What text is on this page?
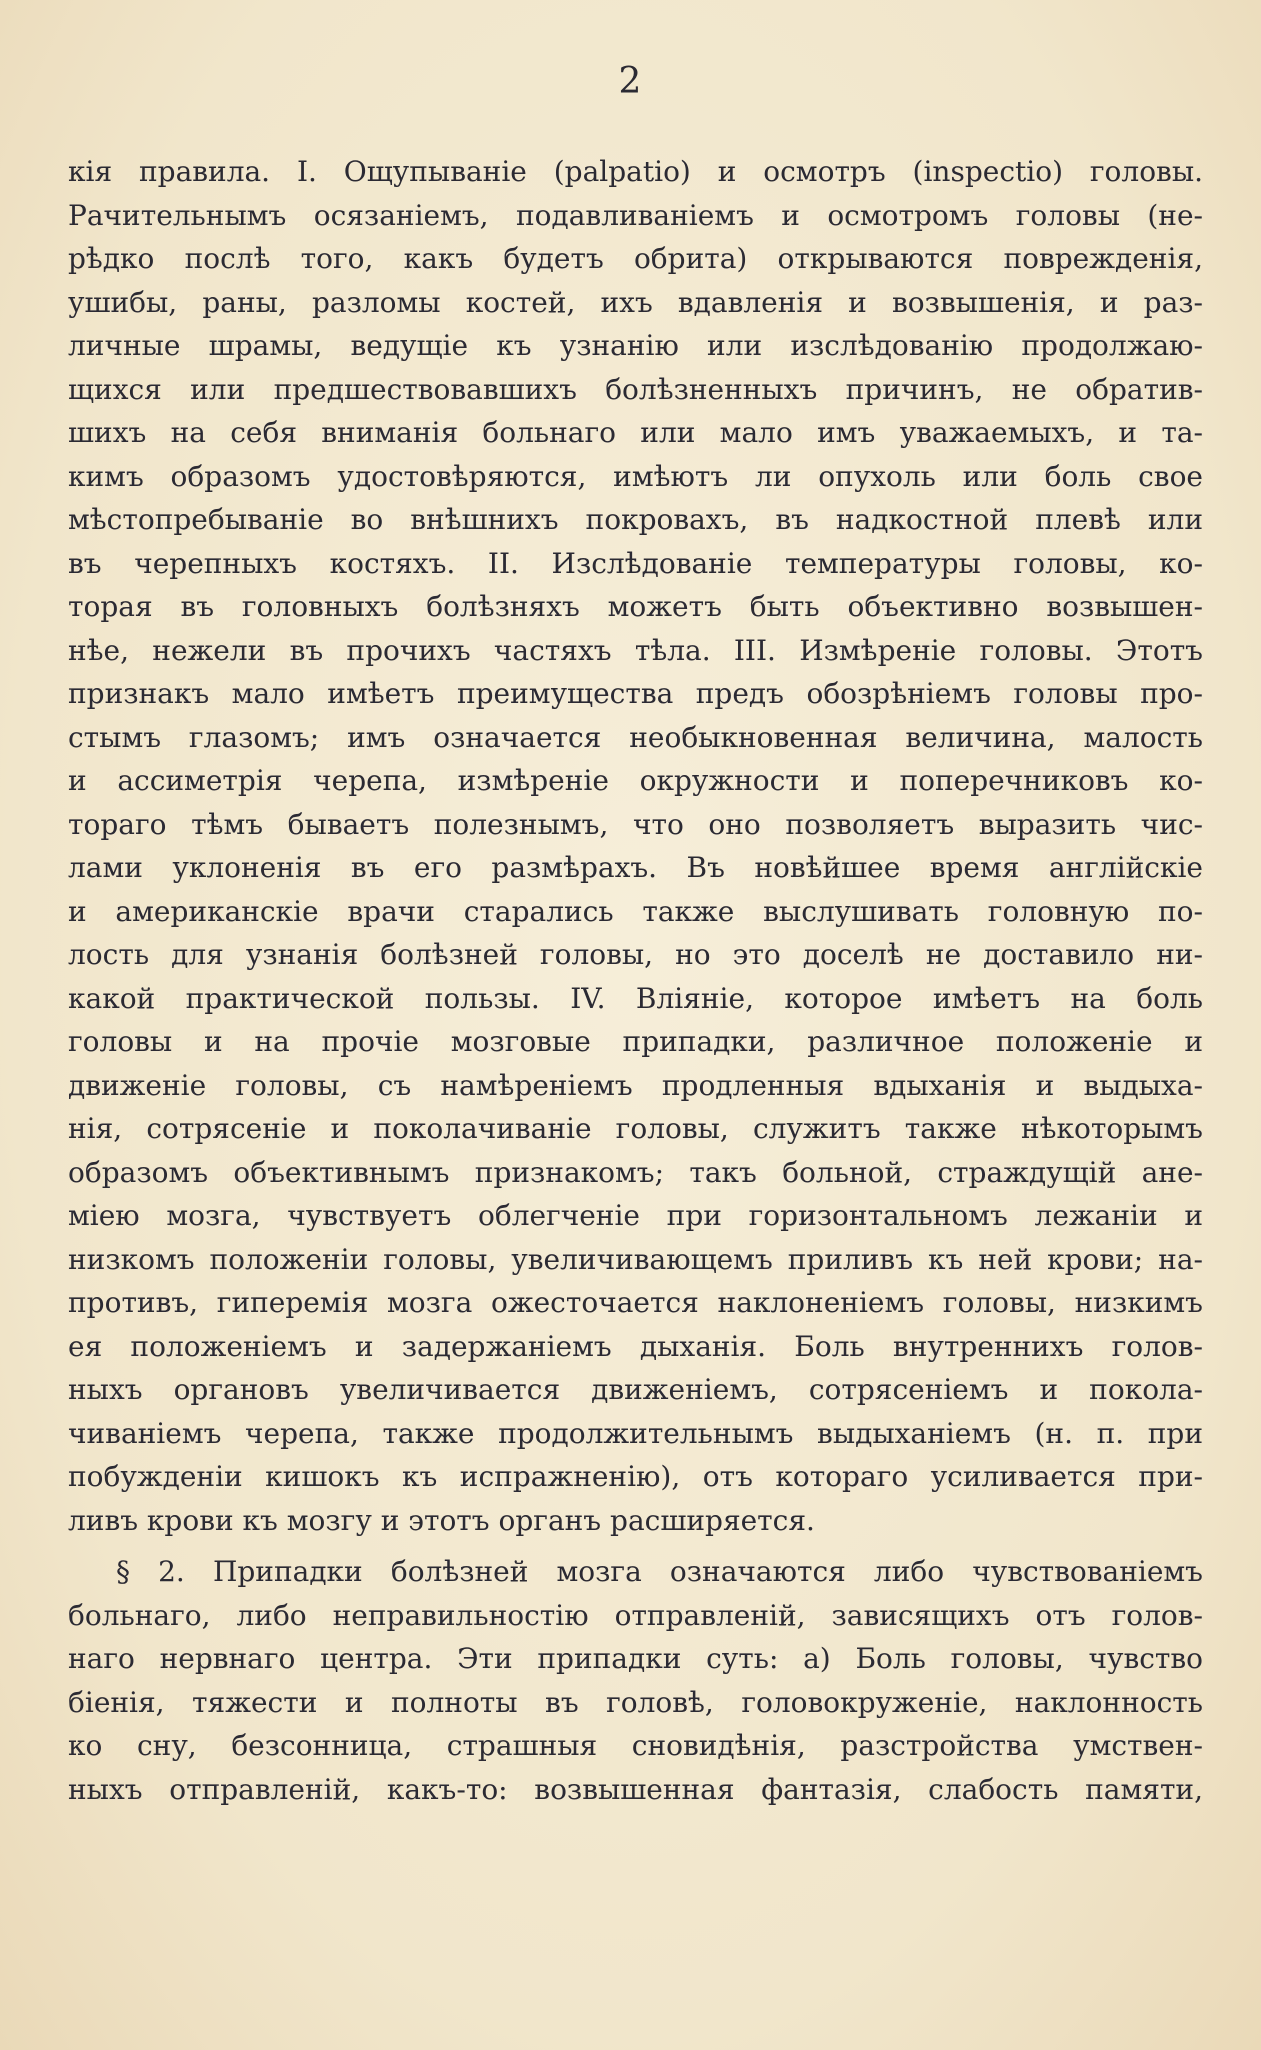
2
кія правила. I. Ощупываніе (palpatio) и осмотръ (inspectio) головы.
Рачительнымъ осязаніемъ, подавливаніемъ и осмотромъ головы (не-
рѣдко послѣ того, какъ будетъ обрита) открываются поврежденія,
ушибы, раны, разломы костей, ихъ вдавленія и возвышенія, и раз-
личные шрамы, ведущіе къ узнанію или изслѣдованію продолжаю-
щихся или предшествовавшихъ болѣзненныхъ причинъ, не обратив-
шихъ на себя вниманія больнаго или мало имъ уважаемыхъ, и та-
кимъ образомъ удостовѣряются, имѣютъ ли опухоль или боль свое
мѣстопребываніе во внѣшнихъ покровахъ, въ надкостной плевѣ или
въ черепныхъ костяхъ. II. Изслѣдованіе температуры головы, ко-
торая въ головныхъ болѣзняхъ можетъ быть объективно возвышен-
нѣе, нежели въ прочихъ частяхъ тѣла. III. Измѣреніе головы. Этотъ
признакъ мало имѣетъ преимущества предъ обозрѣніемъ головы про-
стымъ глазомъ; имъ означается необыкновенная величина, малость
и ассиметрія черепа, измѣреніе окружности и поперечниковъ ко-
тораго тѣмъ бываетъ полезнымъ, что оно позволяетъ выразить чис-
лами уклоненія въ его размѣрахъ. Въ новѣйшее время англійскіе
и американскіе врачи старались также выслушивать головную по-
лость для узнанія болѣзней головы, но это доселѣ не доставило ни-
какой практической пользы. IV. Вліяніе, которое имѣетъ на боль
головы и на прочіе мозговые припадки, различное положеніе и
движеніе головы, съ намѣреніемъ продленныя вдыханія и выдыха-
нія, сотрясеніе и поколачиваніе головы, служитъ также нѣкоторымъ
образомъ объективнымъ признакомъ; такъ больной, страждущій ане-
міею мозга, чувствуетъ облегченіе при горизонтальномъ лежаніи и
низкомъ положеніи головы, увеличивающемъ приливъ къ ней крови; на-
противъ, гиперемія мозга ожесточается наклоненіемъ головы, низкимъ
ея положеніемъ и задержаніемъ дыханія. Боль внутреннихъ голов-
ныхъ органовъ увеличивается движеніемъ, сотрясеніемъ и покола-
чиваніемъ черепа, также продолжительнымъ выдыханіемъ (н. п. при
побужденіи кишокъ къ испражненію), отъ котораго усиливается при-
ливъ крови къ мозгу и этотъ органъ расширяется.
§ 2. Припадки болѣзней мозга означаются либо чувствованіемъ
больнаго, либо неправильностію отправленій, зависящихъ отъ голов-
наго нервнаго центра. Эти припадки суть: а) Боль головы, чувство
біенія, тяжести и полноты въ головѣ, головокруженіе, наклонность
ко сну, безсонница, страшныя сновидѣнія, разстройства умствен-
ныхъ отправленій, какъ-то: возвышенная фантазія, слабость памяти,
